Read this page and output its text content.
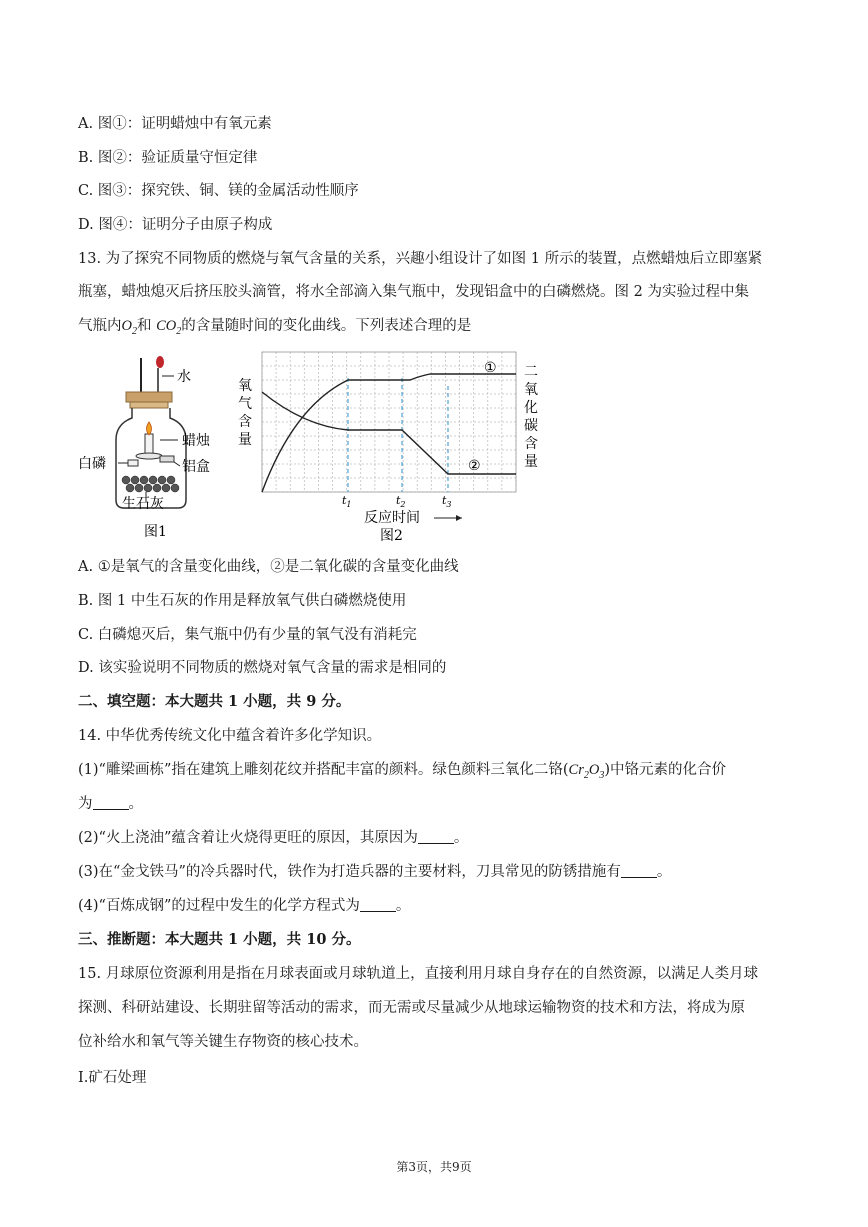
A. 图①：证明蜡烛中有氧元素
B. 图②：验证质量守恒定律
C. 图③：探究铁、铜、镁的金属活动性顺序
D. 图④：证明分子由原子构成
13. 为了探究不同物质的燃烧与氧气含量的关系，兴趣小组设计了如图 1 所示的装置，点燃蜡烛后立即塞紧
瓶塞，蜡烛熄灭后挤压胶头滴管，将水全部滴入集气瓶中，发现铝盒中的白磷燃烧。图 2 为实验过程中集
气瓶内$O_2$和 $CO_2$的含量随时间的变化曲线。下列表述合理的是
水
蜡烛
铝盒
白磷
生石灰
图1
氧
气
含
量
二
氧
化
碳
含
量
①
②
$t_1$	$t_2$	$t_3$
反应时间
图2
A. ①是氧气的含量变化曲线，②是二氧化碳的含量变化曲线
B. 图 1 中生石灰的作用是释放氧气供白磷燃烧使用
C. 白磷熄灭后，集气瓶中仍有少量的氧气没有消耗完
D. 该实验说明不同物质的燃烧对氧气含量的需求是相同的
二、填空题：本大题共 1 小题，共 9 分。
14. 中华优秀传统文化中蕴含着许多化学知识。
(1)“雕梁画栋”指在建筑上雕刻花纹并搭配丰富的颜料。绿色颜料三氧化二铬$(Cr_2O_3)$中铬元素的化合价
为 。
(2)“火上浇油”蕴含着让火烧得更旺的原因，其原因为 。
(3)在“金戈铁马”的冷兵器时代，铁作为打造兵器的主要材料，刀具常见的防锈措施有 。
(4)“百炼成钢”的过程中发生的化学方程式为 。
三、推断题：本大题共 1 小题，共 10 分。
15. 月球原位资源利用是指在月球表面或月球轨道上，直接利用月球自身存在的自然资源，以满足人类月球
探测、科研站建设、长期驻留等活动的需求，而无需或尽量减少从地球运输物资的技术和方法，将成为原
位补给水和氧气等关键生存物资的核心技术。
Ⅰ.矿石处理
第3页，共9页
